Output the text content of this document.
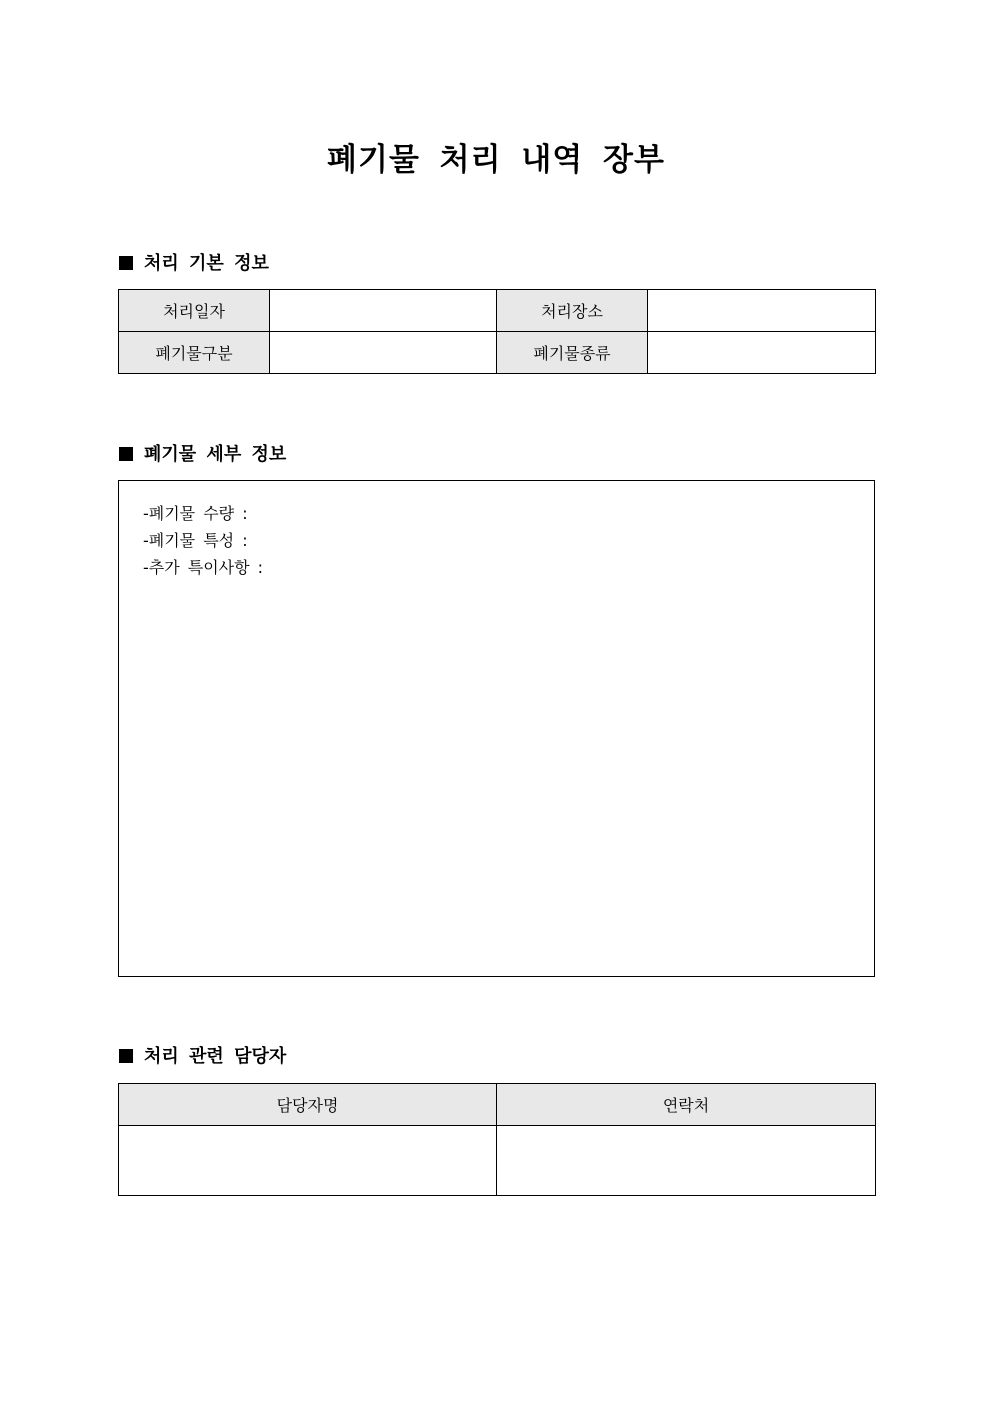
폐기물 처리 내역 장부
처리 기본 정보
처리일자		처리장소	
폐기물구분		폐기물종류	
폐기물 세부 정보
-폐기물 수량 :
-폐기물 특성 :
-추가 특이사항 :
처리 관련 담당자
담당자명	연락처
